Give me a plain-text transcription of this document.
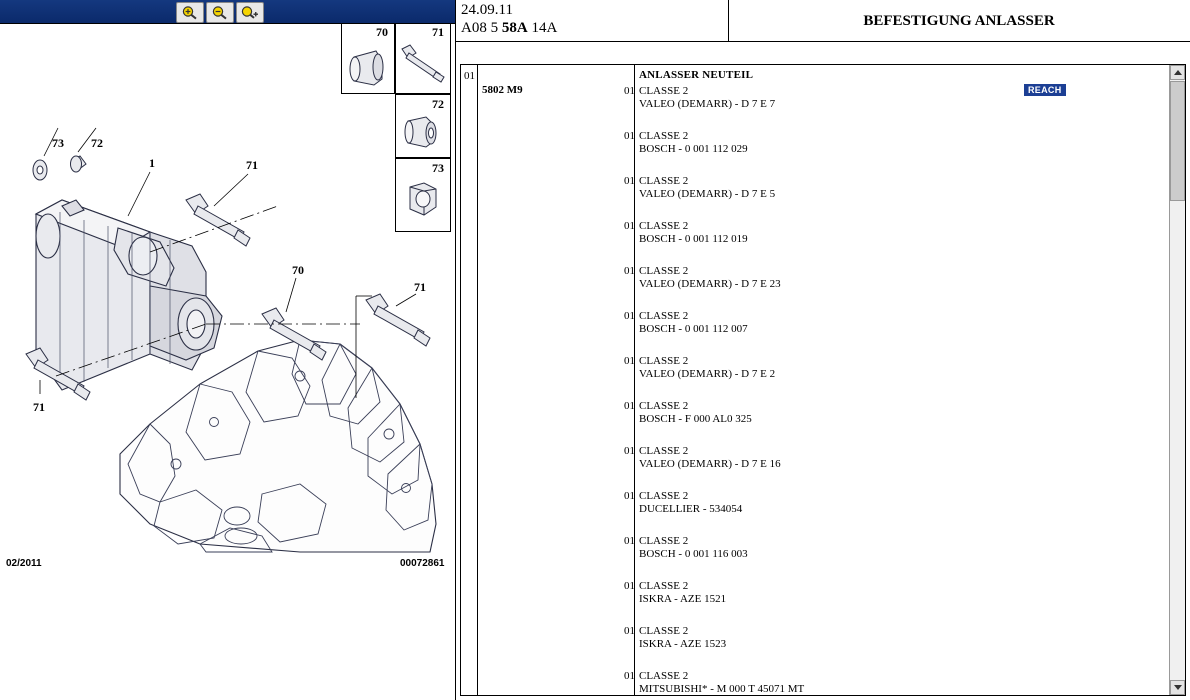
73 72
1	71
70
71
71
70	71
72
73
02/2011	00072861
24.09.11
A08 5 58A 14A	BEFESTIGUNG ANLASSER
01
5802 M9	REACH
ANLASSER NEUTEIL
01 CLASSE 2
VALEO (DEMARR) - D 7 E 7
01 CLASSE 2
BOSCH - 0 001 112 029
01 CLASSE 2
VALEO (DEMARR) - D 7 E 5
01 CLASSE 2
BOSCH - 0 001 112 019
01 CLASSE 2
VALEO (DEMARR) - D 7 E 23
01 CLASSE 2
BOSCH - 0 001 112 007
01 CLASSE 2
VALEO (DEMARR) - D 7 E 2
01 CLASSE 2
BOSCH - F 000 AL0 325
01 CLASSE 2
VALEO (DEMARR) - D 7 E 16
01 CLASSE 2
DUCELLIER - 534054
01 CLASSE 2
BOSCH - 0 001 116 003
01 CLASSE 2
ISKRA - AZE 1521
01 CLASSE 2
ISKRA - AZE 1523
01 CLASSE 2
MITSUBISHI* - M 000 T 45071 MT
